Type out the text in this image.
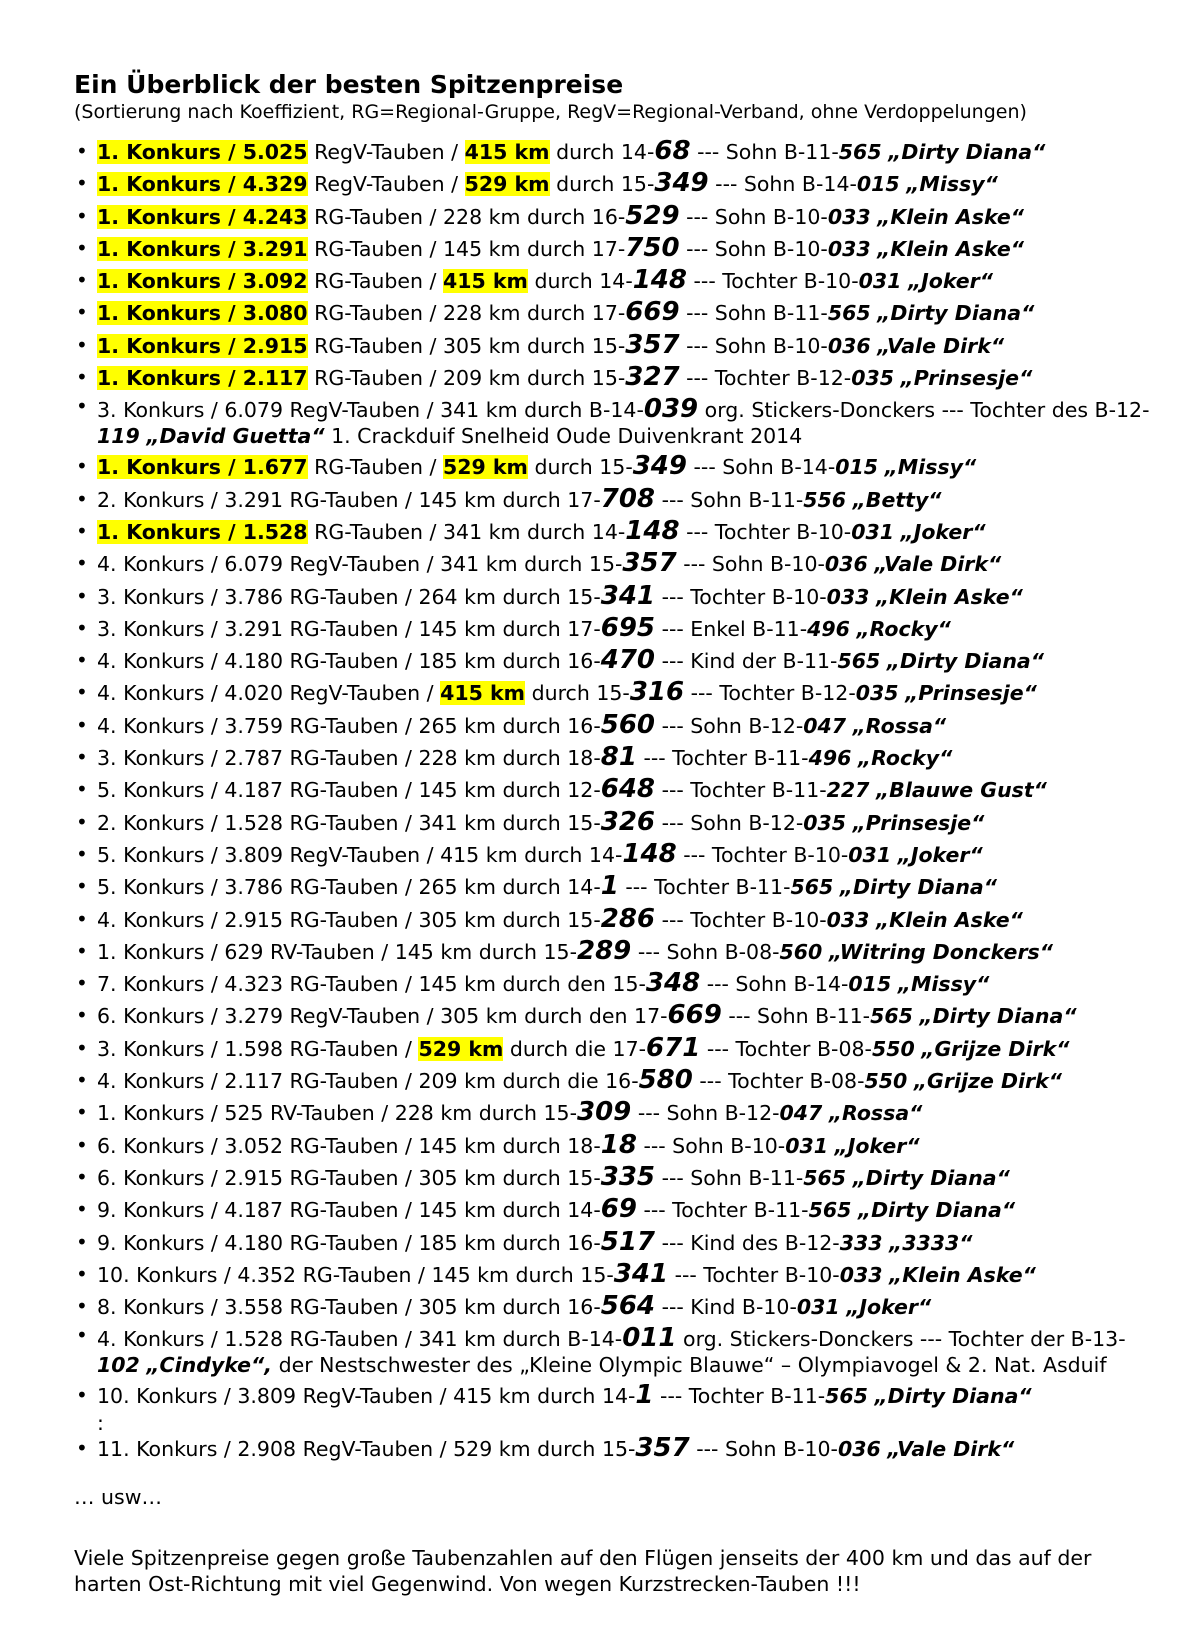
Ein Überblick der besten Spitzenpreise

(Sortierung nach Koeffizient, RG=Regional-Gruppe, RegV=Regional-Verband, ohne Verdoppelungen)

• 1. Konkurs / 5.025 RegV-Tauben / 415 km durch 14-68 --- Sohn B-11-565 „Dirty Diana“
• 1. Konkurs / 4.329 RegV-Tauben / 529 km durch 15-349 --- Sohn B-14-015 „Missy“
• 1. Konkurs / 4.243 RG-Tauben / 228 km durch 16-529 --- Sohn B-10-033 „Klein Aske“
• 1. Konkurs / 3.291 RG-Tauben / 145 km durch 17-750 --- Sohn B-10-033 „Klein Aske“
• 1. Konkurs / 3.092 RG-Tauben / 415 km durch 14-148 --- Tochter B-10-031 „Joker“
• 1. Konkurs / 3.080 RG-Tauben / 228 km durch 17-669 --- Sohn B-11-565 „Dirty Diana“
• 1. Konkurs / 2.915 RG-Tauben / 305 km durch 15-357 --- Sohn B-10-036 „Vale Dirk“
• 1. Konkurs / 2.117 RG-Tauben / 209 km durch 15-327 --- Tochter B-12-035 „Prinsesje“
• 3. Konkurs / 6.079 RegV-Tauben / 341 km durch B-14-039 org. Stickers-Donckers --- Tochter des B-12-119 „David Guetta“ 1. Crackduif Snelheid Oude Duivenkrant 2014
• 1. Konkurs / 1.677 RG-Tauben / 529 km durch 15-349 --- Sohn B-14-015 „Missy“
• 2. Konkurs / 3.291 RG-Tauben / 145 km durch 17-708 --- Sohn B-11-556 „Betty“
• 1. Konkurs / 1.528 RG-Tauben / 341 km durch 14-148 --- Tochter B-10-031 „Joker“
• 4. Konkurs / 6.079 RegV-Tauben / 341 km durch 15-357 --- Sohn B-10-036 „Vale Dirk“
• 3. Konkurs / 3.786 RG-Tauben / 264 km durch 15-341 --- Tochter B-10-033 „Klein Aske“
• 3. Konkurs / 3.291 RG-Tauben / 145 km durch 17-695 --- Enkel B-11-496 „Rocky“
• 4. Konkurs / 4.180 RG-Tauben / 185 km durch 16-470 --- Kind der B-11-565 „Dirty Diana“
• 4. Konkurs / 4.020 RegV-Tauben / 415 km durch 15-316 --- Tochter B-12-035 „Prinsesje“
• 4. Konkurs / 3.759 RG-Tauben / 265 km durch 16-560 --- Sohn B-12-047 „Rossa“
• 3. Konkurs / 2.787 RG-Tauben / 228 km durch 18-81 --- Tochter B-11-496 „Rocky“
• 5. Konkurs / 4.187 RG-Tauben / 145 km durch 12-648 --- Tochter B-11-227 „Blauwe Gust“
• 2. Konkurs / 1.528 RG-Tauben / 341 km durch 15-326 --- Sohn B-12-035 „Prinsesje“
• 5. Konkurs / 3.809 RegV-Tauben / 415 km durch 14-148 --- Tochter B-10-031 „Joker“
• 5. Konkurs / 3.786 RG-Tauben / 265 km durch 14-1 --- Tochter B-11-565 „Dirty Diana“
• 4. Konkurs / 2.915 RG-Tauben / 305 km durch 15-286 --- Tochter B-10-033 „Klein Aske“
• 1. Konkurs / 629 RV-Tauben / 145 km durch 15-289 --- Sohn B-08-560 „Witring Donckers“
• 7. Konkurs / 4.323 RG-Tauben / 145 km durch den 15-348 --- Sohn B-14-015 „Missy“
• 6. Konkurs / 3.279 RegV-Tauben / 305 km durch den 17-669 --- Sohn B-11-565 „Dirty Diana“
• 3. Konkurs / 1.598 RG-Tauben / 529 km durch die 17-671 --- Tochter B-08-550 „Grijze Dirk“
• 4. Konkurs / 2.117 RG-Tauben / 209 km durch die 16-580 --- Tochter B-08-550 „Grijze Dirk“
• 1. Konkurs / 525 RV-Tauben / 228 km durch 15-309 --- Sohn B-12-047 „Rossa“
• 6. Konkurs / 3.052 RG-Tauben / 145 km durch 18-18 --- Sohn B-10-031 „Joker“
• 6. Konkurs / 2.915 RG-Tauben / 305 km durch 15-335 --- Sohn B-11-565 „Dirty Diana“
• 9. Konkurs / 4.187 RG-Tauben / 145 km durch 14-69 --- Tochter B-11-565 „Dirty Diana“
• 9. Konkurs / 4.180 RG-Tauben / 185 km durch 16-517 --- Kind des B-12-333 „3333“
• 10. Konkurs / 4.352 RG-Tauben / 145 km durch 15-341 --- Tochter B-10-033 „Klein Aske“
• 8. Konkurs / 3.558 RG-Tauben / 305 km durch 16-564 --- Kind B-10-031 „Joker“
• 4. Konkurs / 1.528 RG-Tauben / 341 km durch B-14-011 org. Stickers-Donckers --- Tochter der B-13-102 „Cindyke“, der Nestschwester des „Kleine Olympic Blauwe“ – Olympiavogel & 2. Nat. Asduif
• 10. Konkurs / 3.809 RegV-Tauben / 415 km durch 14-1 --- Tochter B-11-565 „Dirty Diana“
:
• 11. Konkurs / 2.908 RegV-Tauben / 529 km durch 15-357 --- Sohn B-10-036 „Vale Dirk“

… usw…

Viele Spitzenpreise gegen große Taubenzahlen auf den Flügen jenseits der 400 km und das auf der harten Ost-Richtung mit viel Gegenwind. Von wegen Kurzstrecken-Tauben !!!
